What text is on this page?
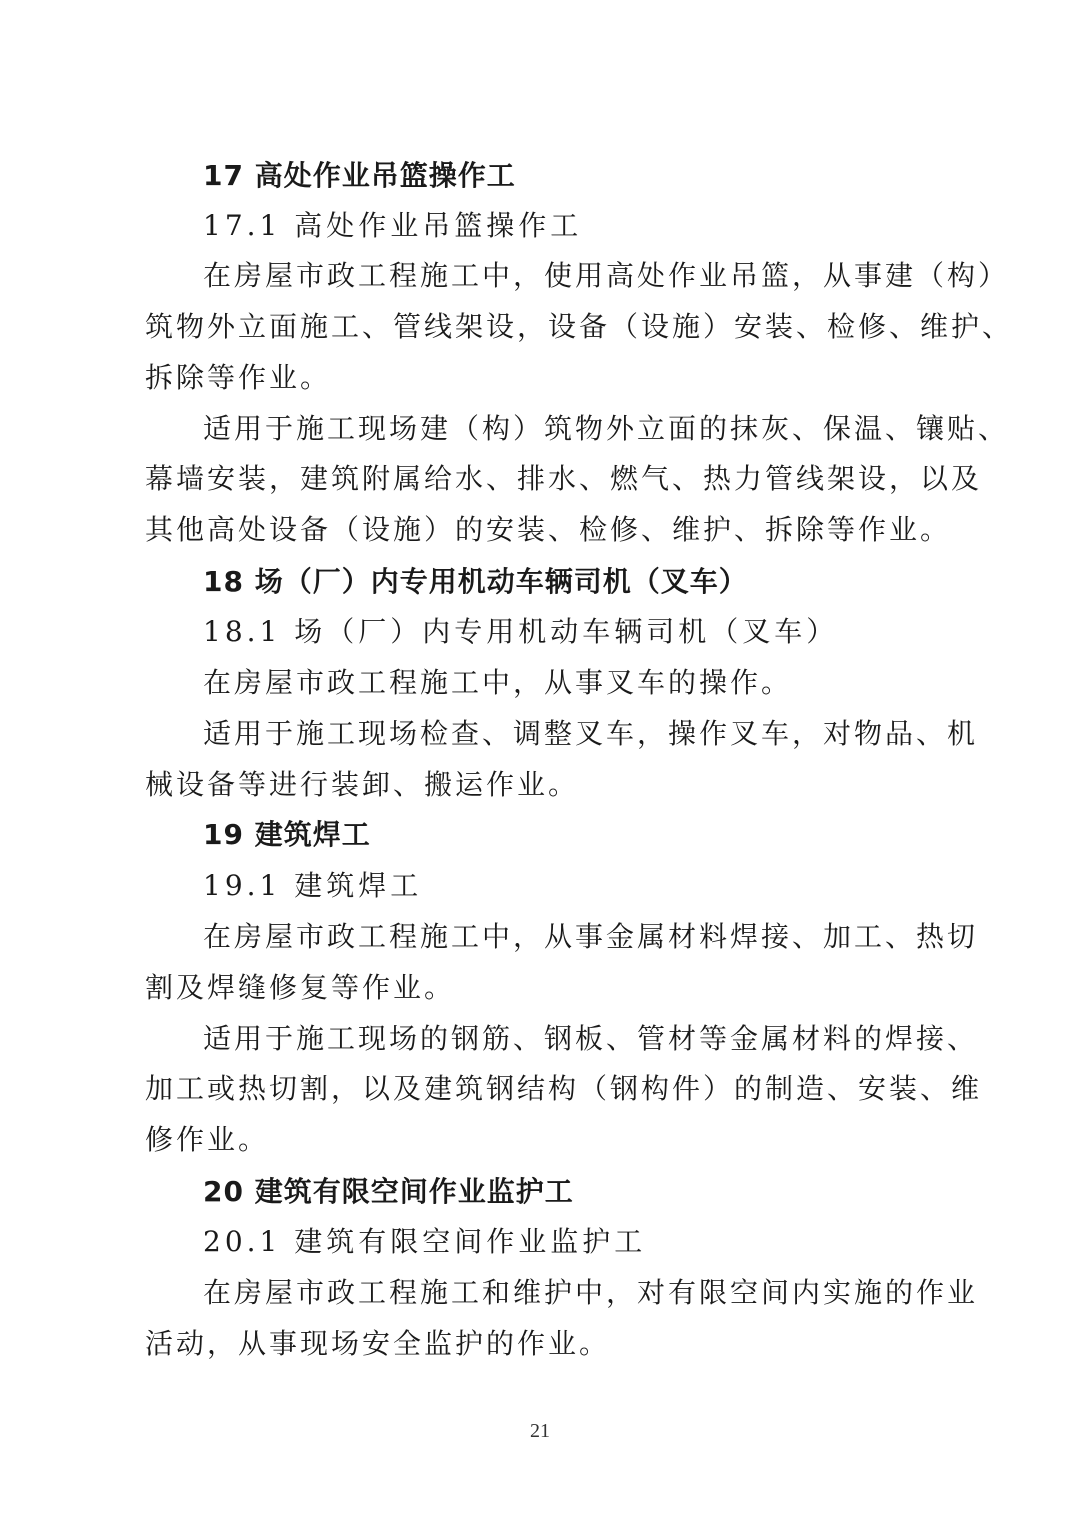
17 高处作业吊篮操作工
17.1 高处作业吊篮操作工
在房屋市政工程施工中，使用高处作业吊篮，从事建（构）
筑物外立面施工、管线架设，设备（设施）安装、检修、维护、
拆除等作业。
适用于施工现场建（构）筑物外立面的抹灰、保温、镶贴、
幕墙安装，建筑附属给水、排水、燃气、热力管线架设，以及
其他高处设备（设施）的安装、检修、维护、拆除等作业。
18 场（厂）内专用机动车辆司机（叉车）
18.1 场（厂）内专用机动车辆司机（叉车）
在房屋市政工程施工中，从事叉车的操作。
适用于施工现场检查、调整叉车，操作叉车，对物品、机
械设备等进行装卸、搬运作业。
19 建筑焊工
19.1 建筑焊工
在房屋市政工程施工中，从事金属材料焊接、加工、热切
割及焊缝修复等作业。
适用于施工现场的钢筋、钢板、管材等金属材料的焊接、
加工或热切割，以及建筑钢结构（钢构件）的制造、安装、维
修作业。
20 建筑有限空间作业监护工
20.1 建筑有限空间作业监护工
在房屋市政工程施工和维护中，对有限空间内实施的作业
活动，从事现场安全监护的作业。
21
